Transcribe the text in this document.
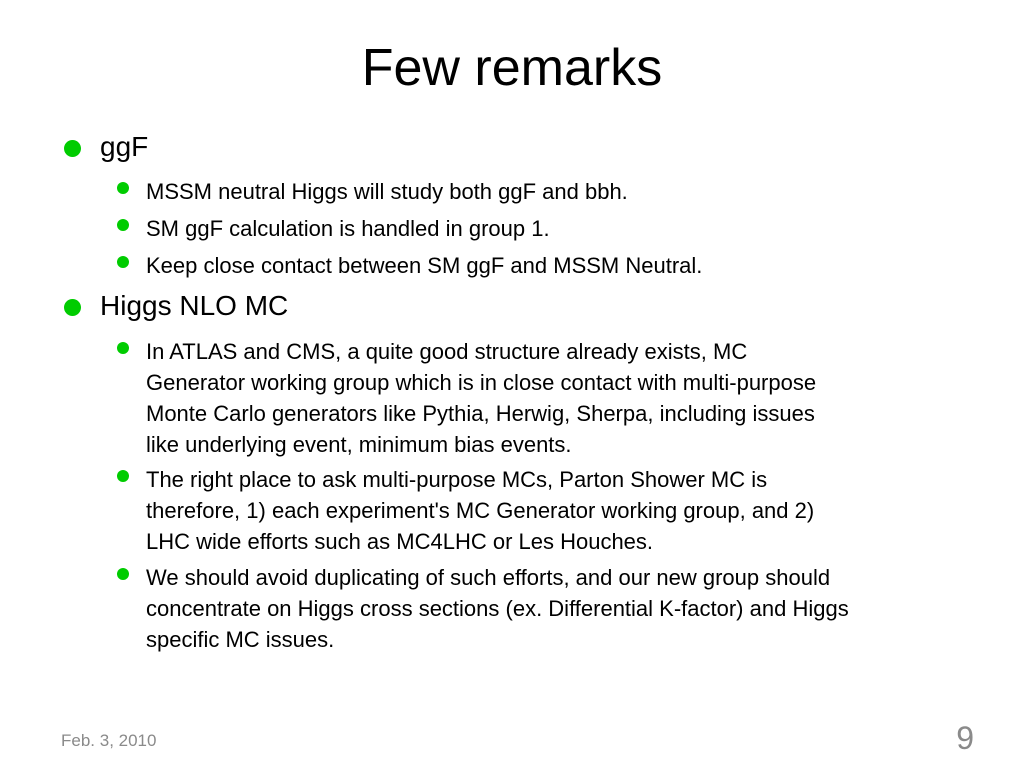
Few remarks
ggF
MSSM neutral Higgs will study both ggF and bbh.
SM ggF calculation is handled in group 1.
Keep close contact between SM ggF and MSSM Neutral.
Higgs NLO MC
In ATLAS and CMS, a quite good structure already exists, MC
Generator working group which is in close contact with multi-purpose
Monte Carlo generators like Pythia, Herwig, Sherpa, including issues
like underlying event, minimum bias events.
The right place to ask multi-purpose MCs, Parton Shower MC is
therefore, 1) each experiment's MC Generator working group, and 2)
LHC wide efforts such as MC4LHC or Les Houches.
We should avoid duplicating of such efforts, and our new group should
concentrate on Higgs cross sections (ex. Differential K-factor) and Higgs
specific MC issues.
Feb. 3, 2010	9
